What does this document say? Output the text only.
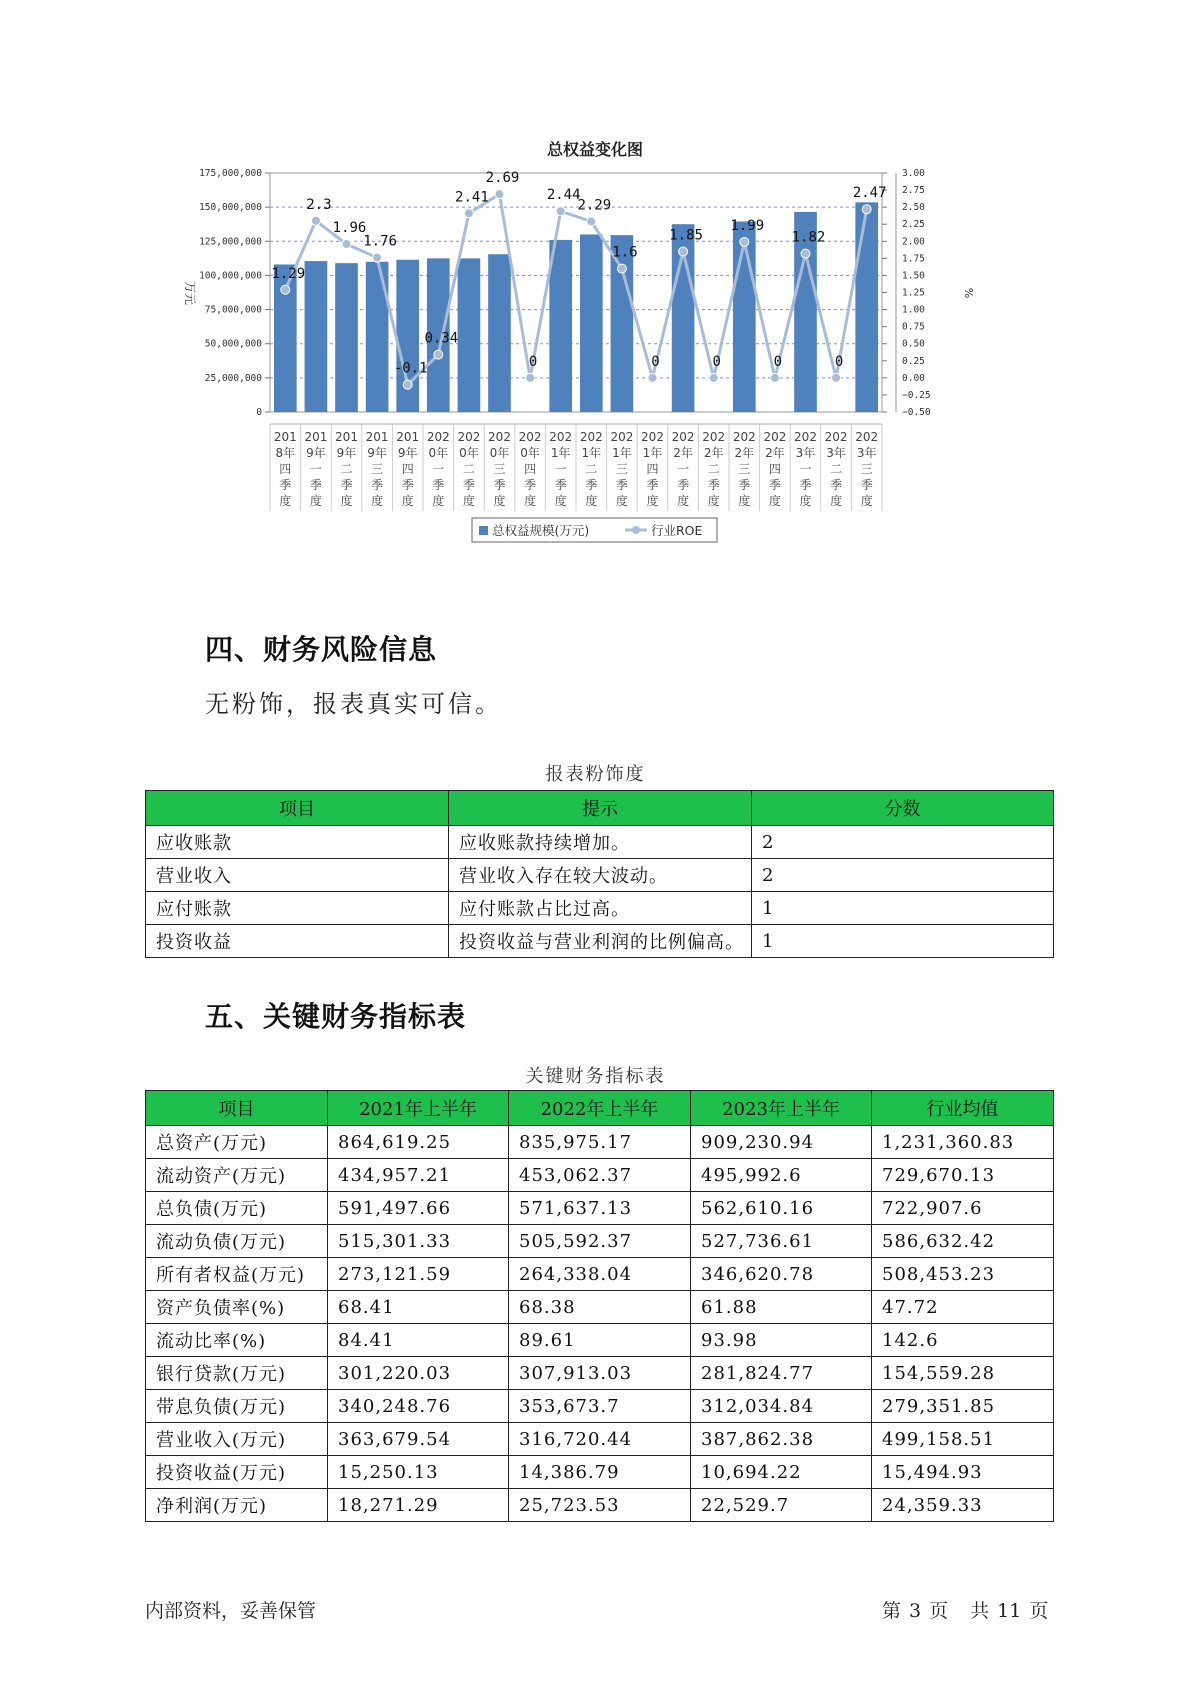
总权益变化图
0
25,000,000
50,000,000
75,000,000
100,000,000
125,000,000
150,000,000
175,000,000
−0.50
−0.25
0.00
0.25
0.50
0.75
1.00
1.25
1.50
1.75
2.00
2.25
2.50
2.75
3.00
万元	%
201
8年
四
季
度
201
9年
一
季
度
201
9年
二
季
度
201
9年
三
季
度
201
9年
四
季
度
202
0年
一
季
度
202
0年
二
季
度
202
0年
三
季
度
202
0年
四
季
度
202
1年
一
季
度
202
1年
二
季
度
202
1年
三
季
度
202
1年
四
季
度
202
2年
一
季
度
202
2年
二
季
度
202
2年
三
季
度
202
2年
四
季
度
202
3年
一
季
度
202
3年
二
季
度
202
3年
三
季
度
1.29
2.3
1.96
1.76
-0.1
0.34
2.41
2.69
0
2.44
2.29
1.6
0
1.85
0
1.99
0
1.82
0
2.47
总权益规模(万元)	行业ROE
四、财务风险信息
无粉饰，报表真实可信。
报表粉饰度
项目	提示	分数
应收账款	应收账款持续增加。	2
营业收入	营业收入存在较大波动。	2
应付账款	应付账款占比过高。	1
投资收益	投资收益与营业利润的比例偏高。	1
五、关键财务指标表
关键财务指标表
项目	2021年上半年	2022年上半年	2023年上半年	行业均值
总资产(万元)	864,619.25	835,975.17	909,230.94	1,231,360.83
流动资产(万元)	434,957.21	453,062.37	495,992.6	729,670.13
总负债(万元)	591,497.66	571,637.13	562,610.16	722,907.6
流动负债(万元)	515,301.33	505,592.37	527,736.61	586,632.42
所有者权益(万元)	273,121.59	264,338.04	346,620.78	508,453.23
资产负债率(%)	68.41	68.38	61.88	47.72
流动比率(%)	84.41	89.61	93.98	142.6
银行贷款(万元)	301,220.03	307,913.03	281,824.77	154,559.28
带息负债(万元)	340,248.76	353,673.7	312,034.84	279,351.85
营业收入(万元)	363,679.54	316,720.44	387,862.38	499,158.51
投资收益(万元)	15,250.13	14,386.79	10,694.22	15,494.93
净利润(万元)	18,271.29	25,723.53	22,529.7	24,359.33
内部资料，妥善保管	第 3 页 共 11 页
